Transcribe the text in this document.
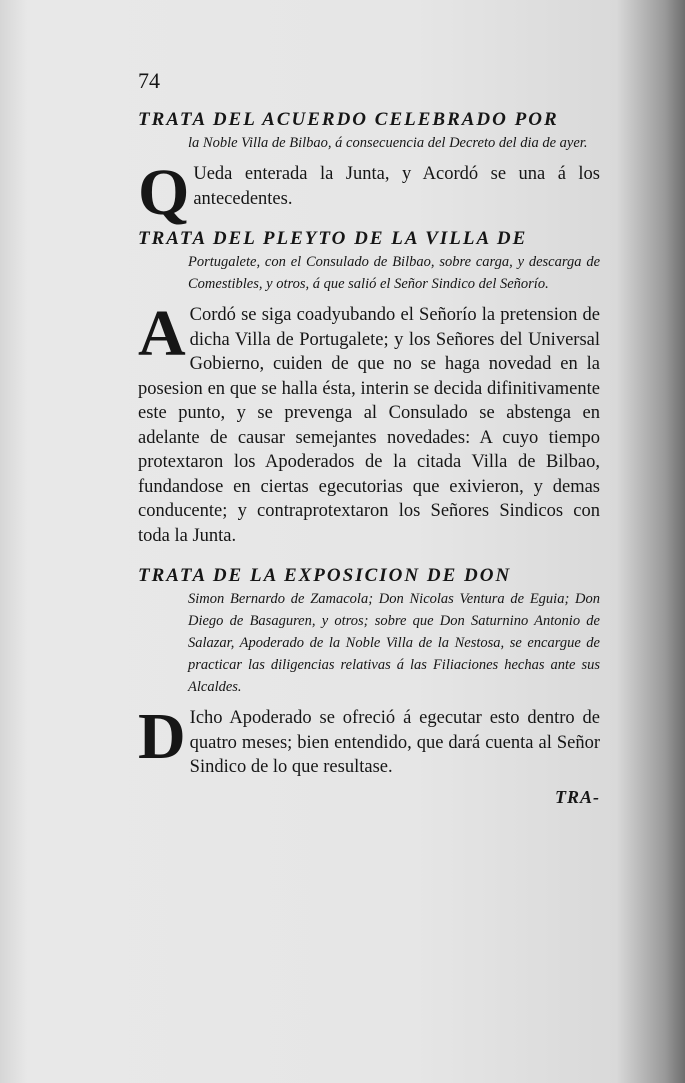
74

TRATA DEL ACUERDO CELEBRADO POR

la Noble Villa de Bilbao, á consecuencia del Decreto del dia de ayer.

Q Ueda enterada la Junta, y Acordó se una á los antecedentes.

TRATA DEL PLEYTO DE LA VILLA DE

Portugalete, con el Consulado de Bilbao, sobre carga, y descarga de Comestibles, y otros, á que salió el Señor Sindico del Señorío.

A Cordó se siga coadyubando el Señorío la pretension de dicha Villa de Portugalete; y los Señores del Universal Gobierno, cuiden de que no se haga novedad en la posesion en que se halla ésta, interin se decida difinitivamente este punto, y se prevenga al Consulado se abstenga en adelante de causar semejantes novedades: A cuyo tiempo protextaron los Apoderados de la citada Villa de Bilbao, fundandose en ciertas egecutorias que exivieron, y demas conducente; y contraprotextaron los Señores Sindicos con toda la Junta.

TRATA DE LA EXPOSICION DE DON

Simon Bernardo de Zamacola; Don Nicolas Ventura de Eguia; Don Diego de Basaguren, y otros; sobre que Don Saturnino Antonio de Salazar, Apoderado de la Noble Villa de la Nestosa, se encargue de practicar las diligencias relativas á las Filiaciones hechas ante sus Alcaldes.

D Icho Apoderado se ofreció á egecutar esto dentro de quatro meses; bien entendido, que dará cuenta al Señor Sindico de lo que resultase.

TRA-
